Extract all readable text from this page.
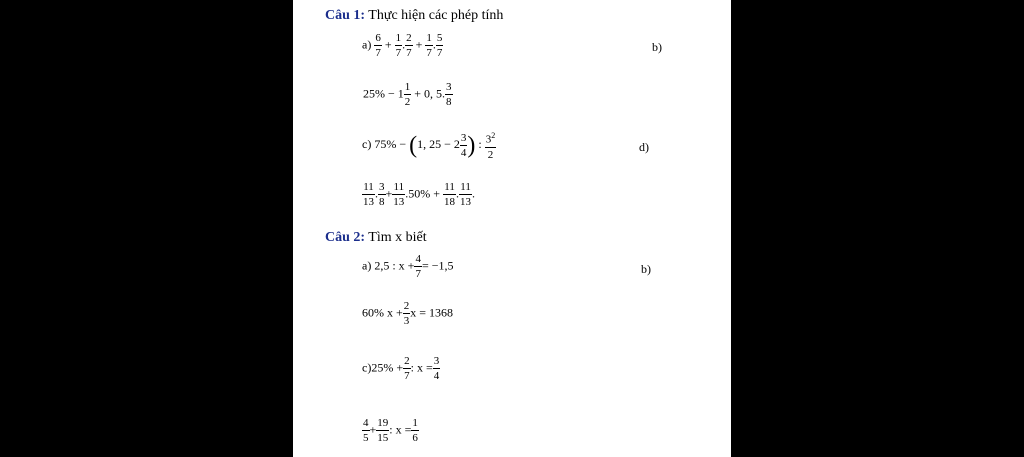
Câu 1: Thực hiện các phép tính
$a) \frac{6}{7} + \frac{1}{7}$ . $\frac{2}{7} + \frac{1}{7}$ . $\frac{5}{7}$	b)
$25\% - 1 \frac{1}{2} + 0$, 5. $\frac{3}{8}$
c) 75% − (1, $25 - 2 \frac{3}{4}$ ) : $\frac{3^2}{2}$	d)
$\frac{11}{13}$ . $\frac{3}{8} + \frac{11}{13} .50\% + \frac{11}{18}$ . $\frac{11}{13}$ .
Câu 2: Tìm x biết
a) 2,5 : $x + \frac{4}{7} = -1,5$	b)
60% $x + \frac{2}{3}$ x = 1368
$c)25\% + \frac{2}{7}$ : $x = \frac{3}{4}$
$\frac{4}{5} + \frac{19}{15}$ : $x = \frac{1}{6}$
